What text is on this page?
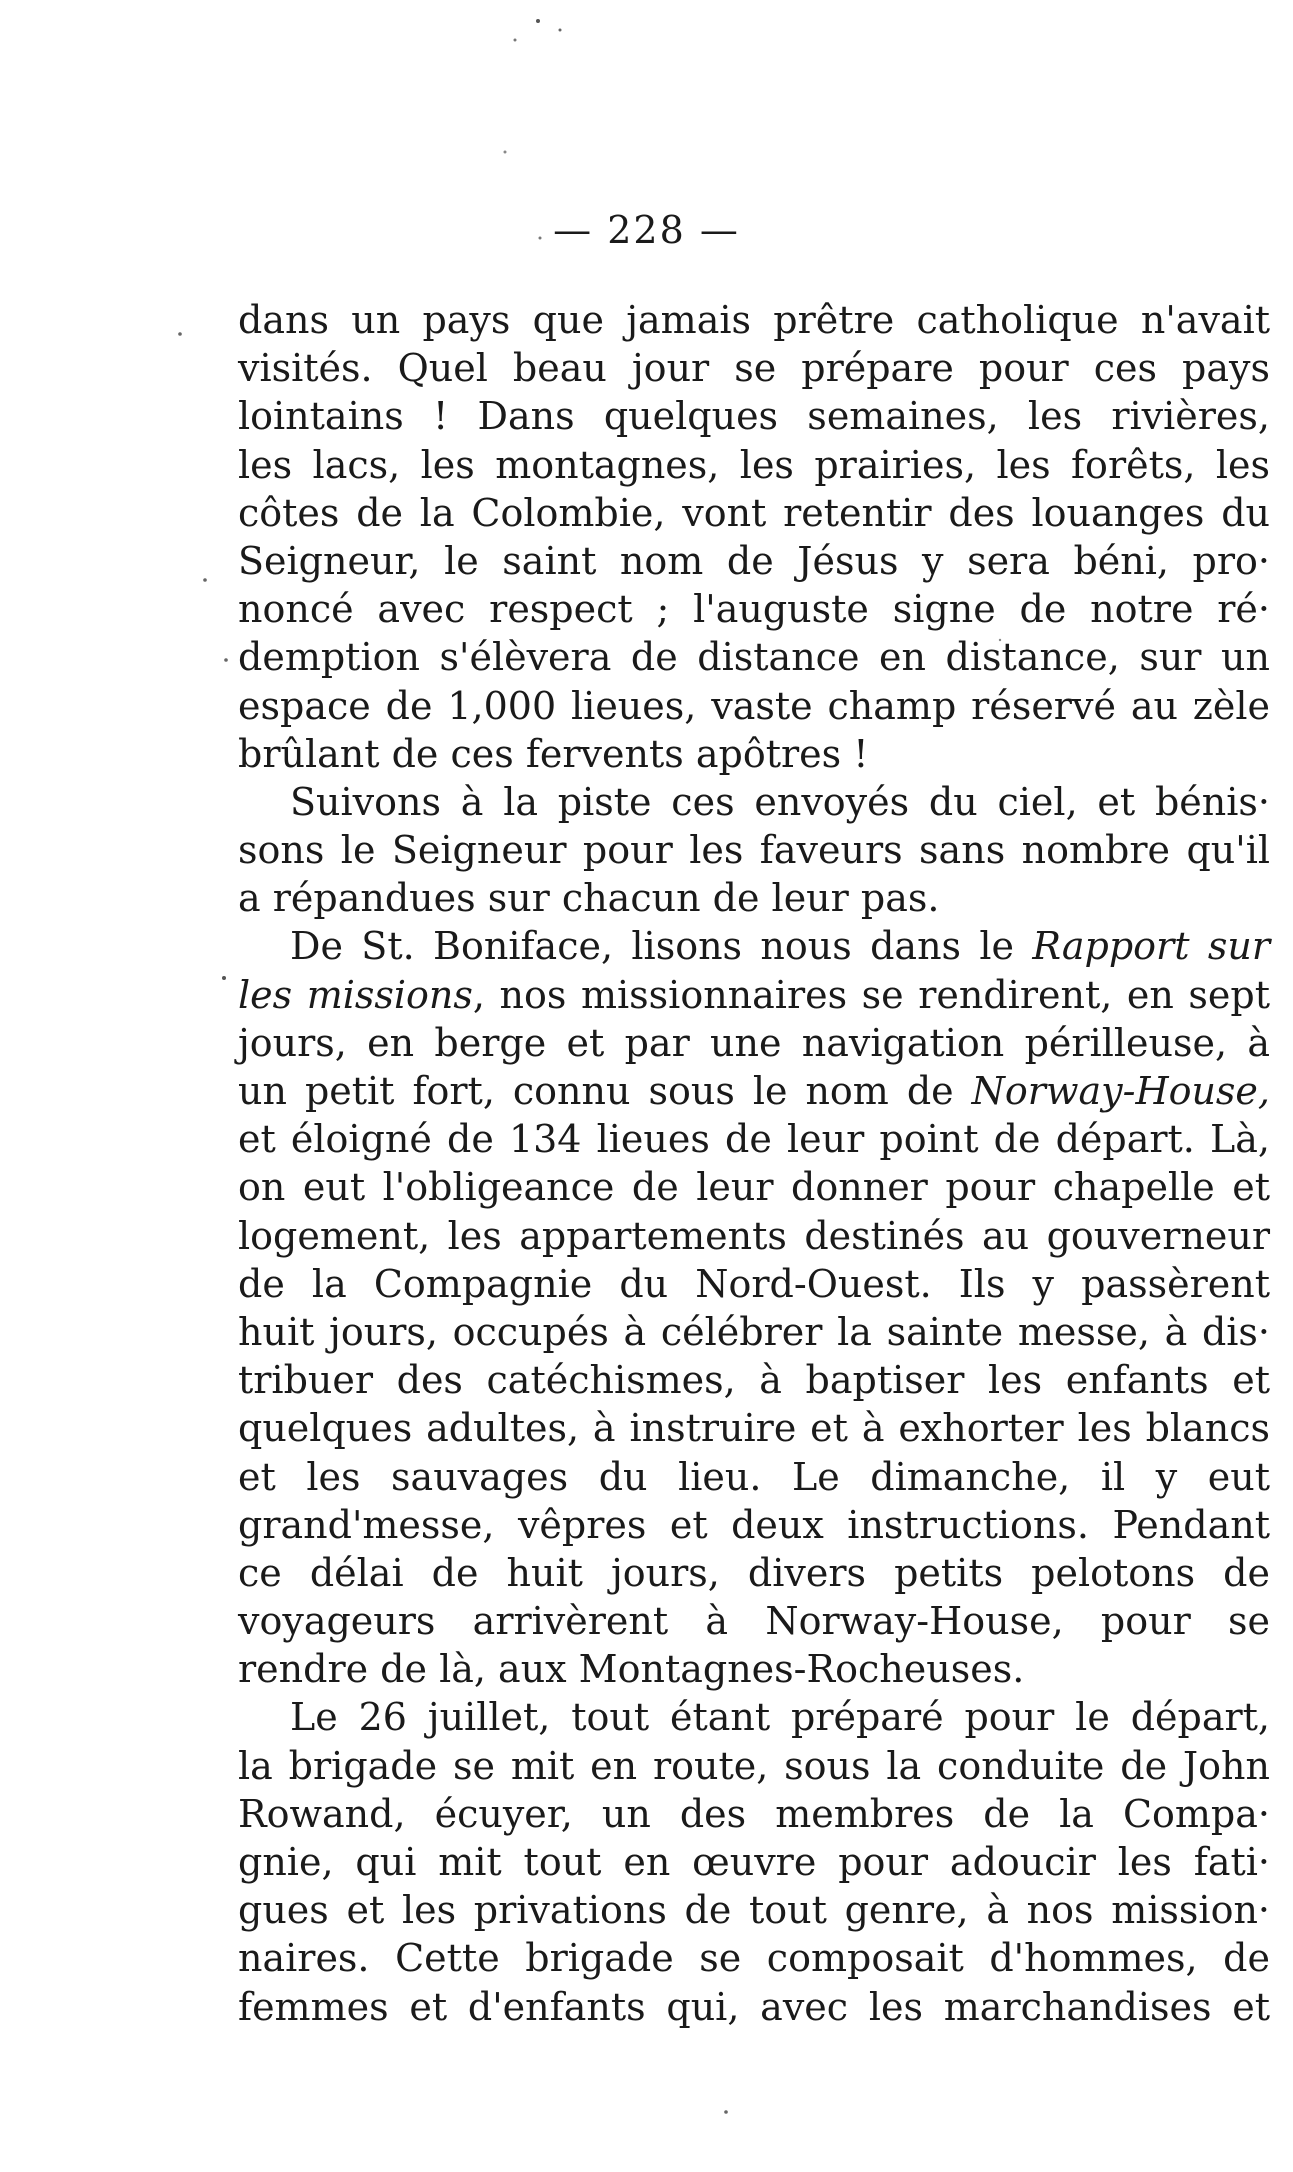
— 228 —
dans un pays que jamais prêtre catholique n'avait
visités. Quel beau jour se prépare pour ces pays
lointains ! Dans quelques semaines, les rivières,
les lacs, les montagnes, les prairies, les forêts, les
côtes de la Colombie, vont retentir des louanges du
Seigneur, le saint nom de Jésus y sera béni, pro·
noncé avec respect ; l'auguste signe de notre ré·
demption s'élèvera de distance en distance, sur un
espace de 1,000 lieues, vaste champ réservé au zèle
brûlant de ces fervents apôtres !
Suivons à la piste ces envoyés du ciel, et bénis·
sons le Seigneur pour les faveurs sans nombre qu'il
a répandues sur chacun de leur pas.
De St. Boniface, lisons nous dans le Rapport sur
les missions, nos missionnaires se rendirent, en sept
jours, en berge et par une navigation périlleuse, à
un petit fort, connu sous le nom de Norway-House,
et éloigné de 134 lieues de leur point de départ. Là,
on eut l'obligeance de leur donner pour chapelle et
logement, les appartements destinés au gouverneur
de la Compagnie du Nord-Ouest. Ils y passèrent
huit jours, occupés à célébrer la sainte messe, à dis·
tribuer des catéchismes, à baptiser les enfants et
quelques adultes, à instruire et à exhorter les blancs
et les sauvages du lieu. Le dimanche, il y eut
grand'messe, vêpres et deux instructions. Pendant
ce délai de huit jours, divers petits pelotons de
voyageurs arrivèrent à Norway-House, pour se
rendre de là, aux Montagnes-Rocheuses.
Le 26 juillet, tout étant préparé pour le départ,
la brigade se mit en route, sous la conduite de John
Rowand, écuyer, un des membres de la Compa·
gnie, qui mit tout en œuvre pour adoucir les fati·
gues et les privations de tout genre, à nos mission·
naires. Cette brigade se composait d'hommes, de
femmes et d'enfants qui, avec les marchandises et
